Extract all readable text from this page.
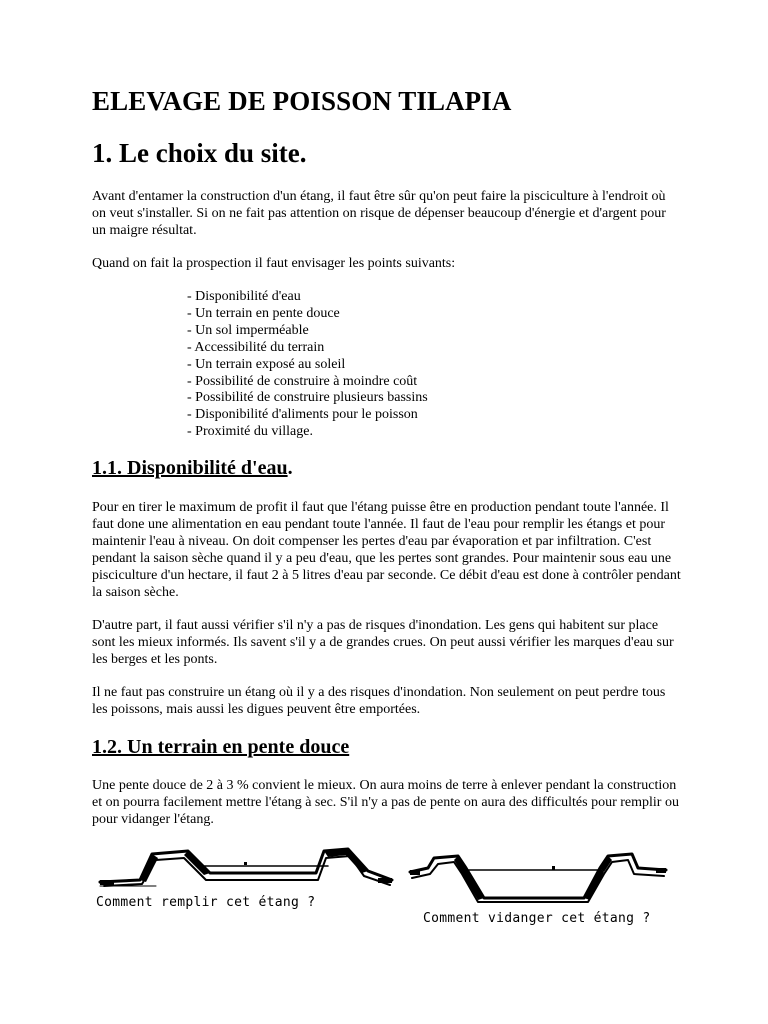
ELEVAGE DE POISSON TILAPIA
1. Le choix du site.

Avant d'entamer la construction d'un étang, il faut être sûr qu'on peut faire la pisciculture à l'endroit où on veut s'installer. Si on ne fait pas attention on risque de dépenser beaucoup d'énergie et d'argent pour un maigre résultat.

Quand on fait la prospection il faut envisager les points suivants:

- Disponibilité d'eau
- Un terrain en pente douce
- Un sol imperméable
- Accessibilité du terrain
- Un terrain exposé au soleil
- Possibilité de construire à moindre coût
- Possibilité de construire plusieurs bassins
- Disponibilité d'aliments pour le poisson
- Proximité du village.
1.1. Disponibilité d'eau.

Pour en tirer le maximum de profit il faut que l'étang puisse être en production pendant toute l'année. Il faut done une alimentation en eau pendant toute l'année. Il faut de l'eau pour remplir les étangs et pour maintenir l'eau à niveau. On doit compenser les pertes d'eau par évaporation et par infiltration. C'est pendant la saison sèche quand il y a peu d'eau, que les pertes sont grandes. Pour maintenir sous eau une pisciculture d'un hectare, il faut 2 à 5 litres d'eau par seconde. Ce débit d'eau est done à contrôler pendant la saison sèche.

D'autre part, il faut aussi vérifier s'il n'y a pas de risques d'inondation. Les gens qui habitent sur place sont les mieux informés. Ils savent s'il y a de grandes crues. On peut aussi vérifier les marques d'eau sur les berges et les ponts.

Il ne faut pas construire un étang où il y a des risques d'inondation. Non seulement on peut perdre tous les poissons, mais aussi les digues peuvent être emportées.

1.2. Un terrain en pente douce

Une pente douce de 2 à 3 % convient le mieux. On aura moins de terre à enlever pendant la construction et on pourra facilement mettre l'étang à sec. S'il n'y a pas de pente on aura des difficultés pour remplir ou pour vidanger l'étang.

Comment remplir cet étang ?
Comment vidanger cet étang ?
